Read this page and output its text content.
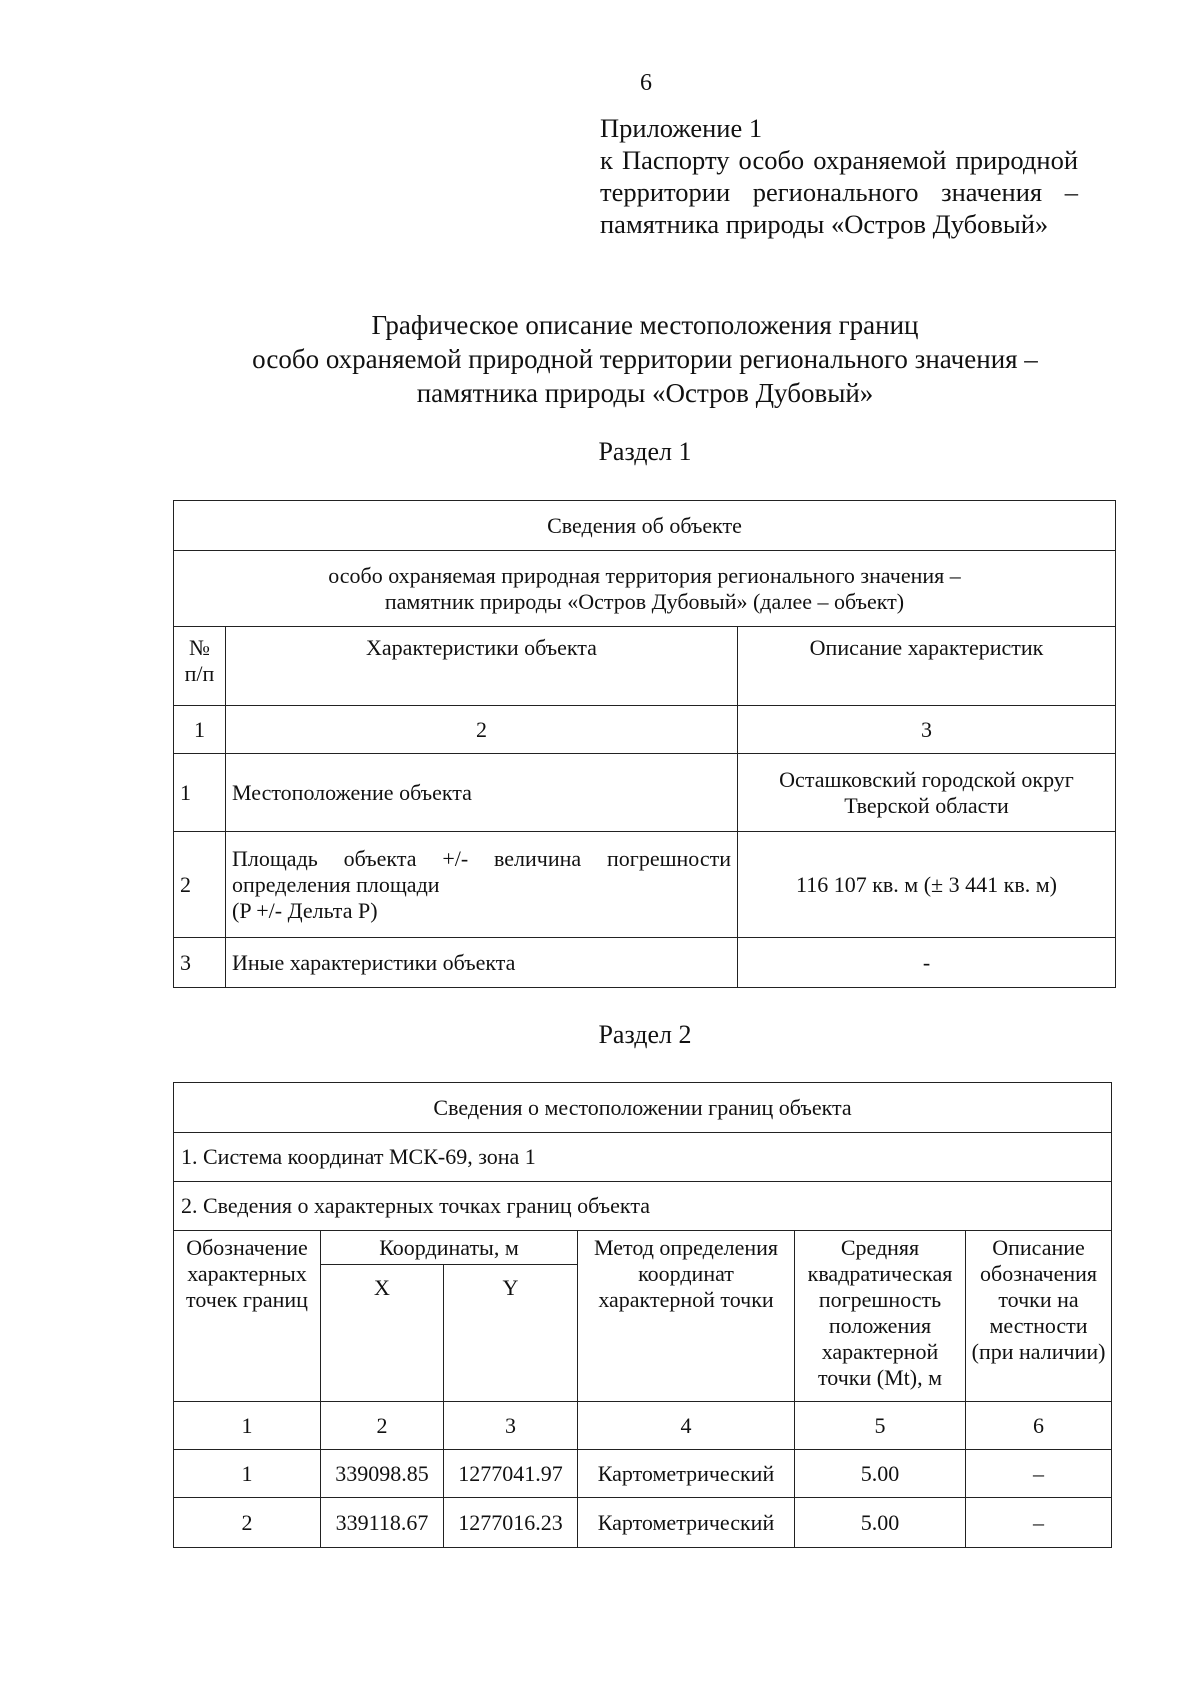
6
Приложение 1
к Паспорту особо охраняемой природной территории регионального значения – памятника природы «Остров Дубовый»
Графическое описание местоположения границ
особо охраняемой природной территории регионального значения –
памятника природы «Остров Дубовый»
Раздел 1
Сведения об объекте		

особо охраняемая природная территория регионального значения –
памятник природы «Остров Дубовый» (далее – объект)		

№ п/п	Характеристики объекта	Описание характеристик
1	2	3
1	Местоположение объекта	Осташковский городской округ Тверской области
2	Площадь объекта +/- величина погрешности
определения площади
(P +/- Дельта P)	116 107 кв. м (± 3 441 кв. м)
3	Иные характеристики объекта	-
Раздел 2
Сведения о местоположении границ объекта					
1. Система координат МСК-69, зона 1					
2. Сведения о характерных точках границ объекта					
Обозначение характерных точек границ	Координаты, м		Метод определения координат характерной точки	Средняя квадратическая погрешность положения характерной точки (Mt), м	Описание обозначения точки на местности (при наличии)
	X	Y			
1	2	3	4	5	6
1	339098.85	1277041.97	Картометрический	5.00	–
2	339118.67	1277016.23	Картометрический	5.00	–
